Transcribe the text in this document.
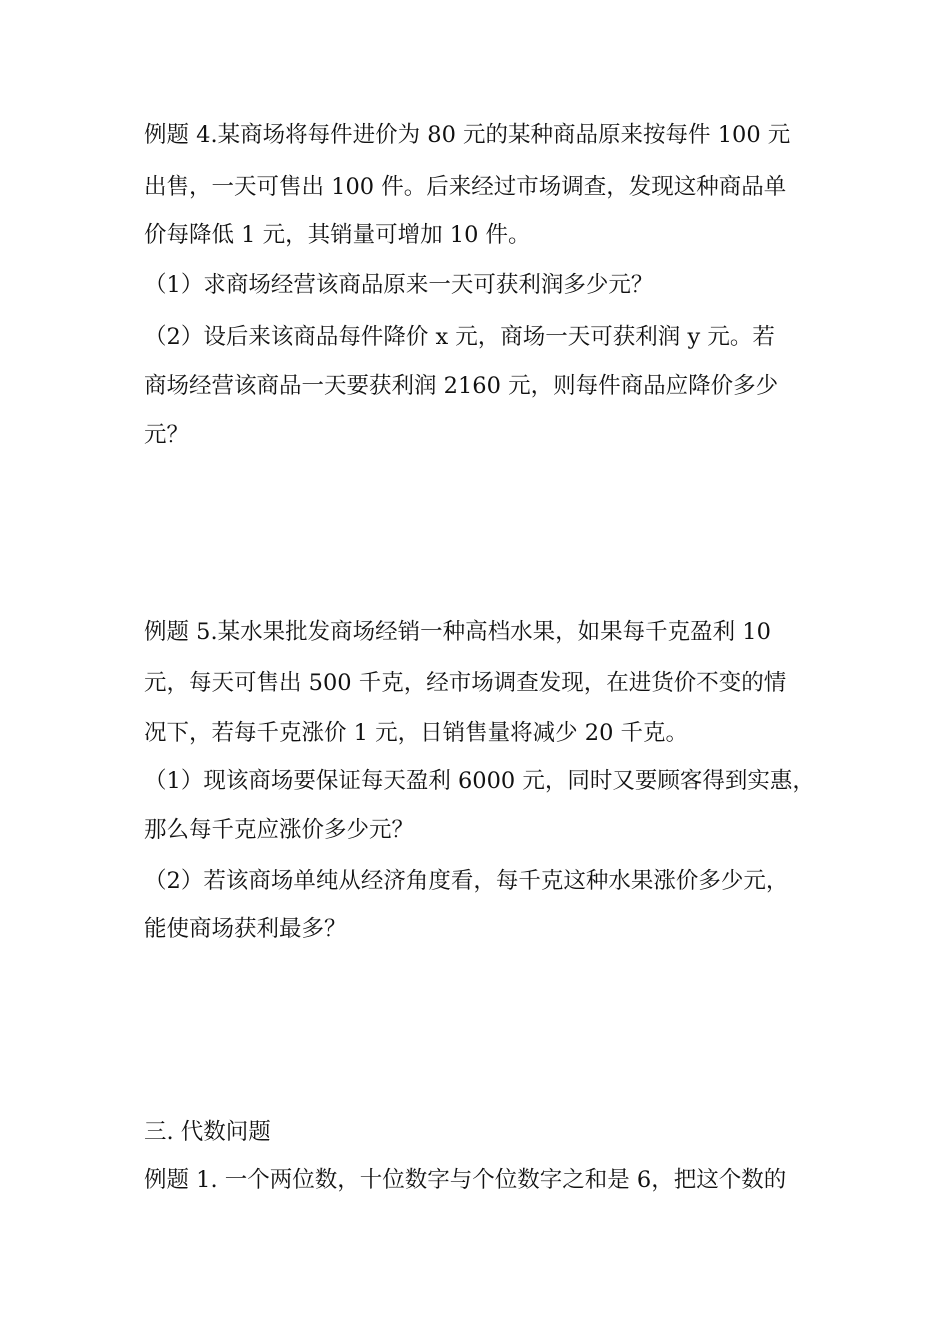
例题 4.某商场将每件进价为 80 元的某种商品原来按每件 100 元
出售，一天可售出 100 件。后来经过市场调查，发现这种商品单
价每降低 1 元，其销量可增加 10 件。
（1）求商场经营该商品原来一天可获利润多少元？
（2）设后来该商品每件降价 x 元，商场一天可获利润 y 元。若
商场经营该商品一天要获利润 2160 元，则每件商品应降价多少
元？
例题 5.某水果批发商场经销一种高档水果，如果每千克盈利 10
元，每天可售出 500 千克，经市场调查发现，在进货价不变的情
况下，若每千克涨价 1 元，日销售量将减少 20 千克。
（1）现该商场要保证每天盈利 6000 元，同时又要顾客得到实惠，
那么每千克应涨价多少元？
（2）若该商场单纯从经济角度看，每千克这种水果涨价多少元，
能使商场获利最多？
三. 代数问题
例题 1. 一个两位数，十位数字与个位数字之和是 6，把这个数的
